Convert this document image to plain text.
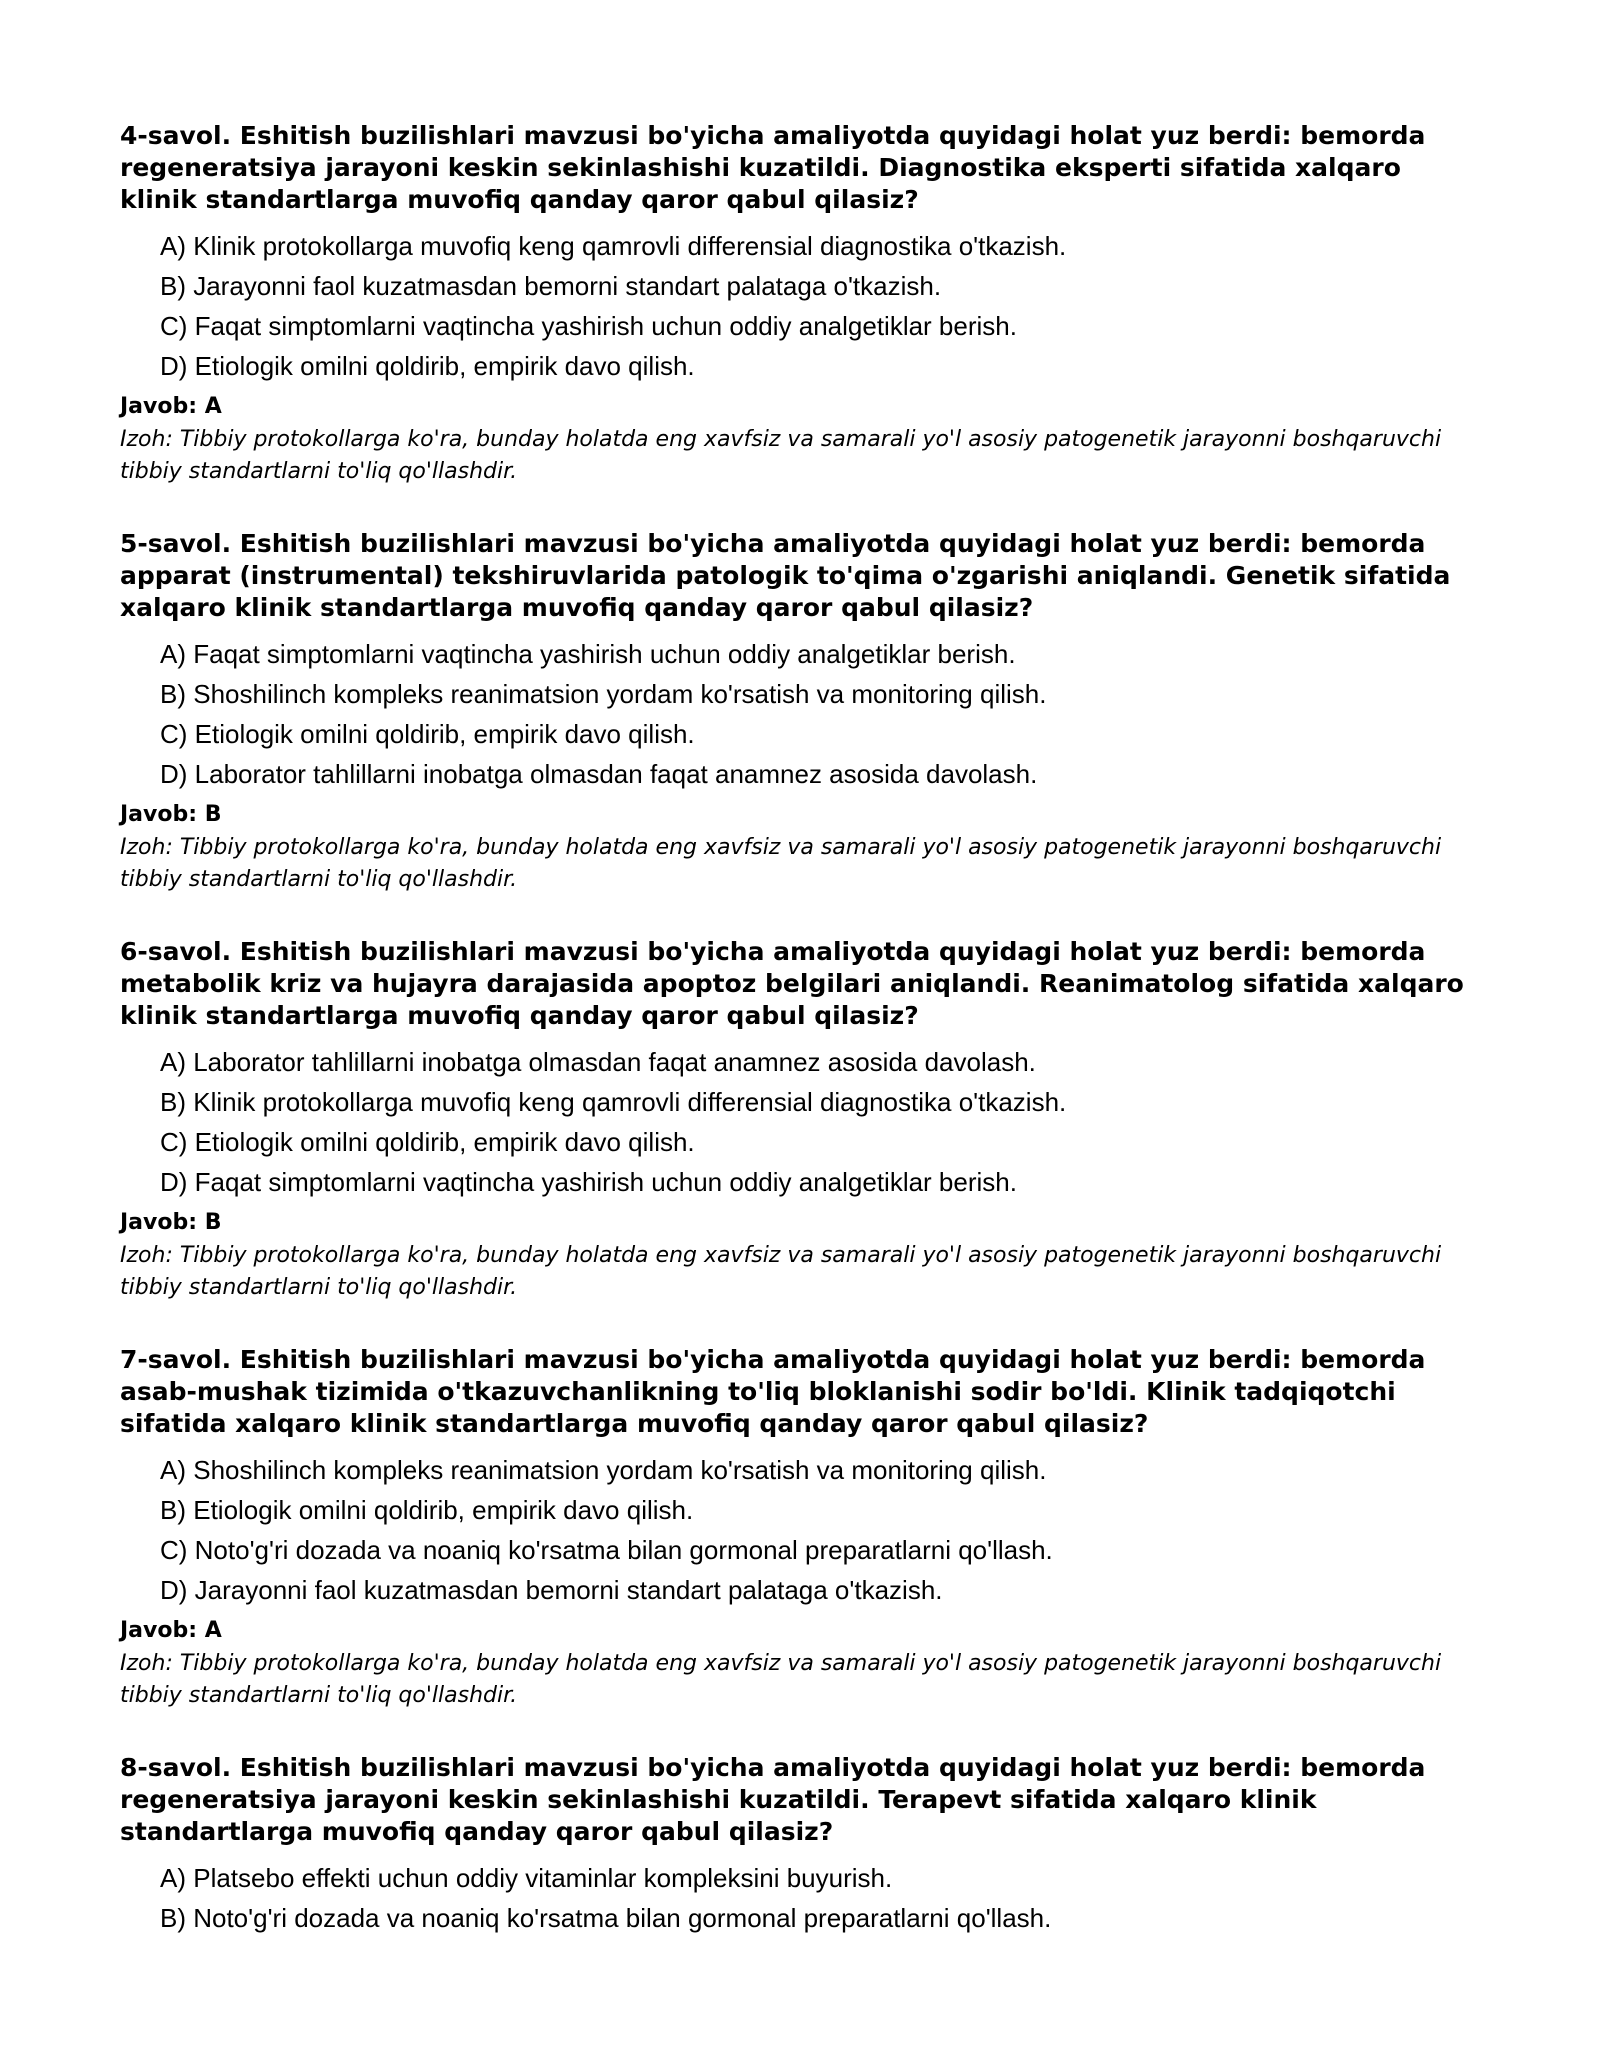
4-savol. Eshitish buzilishlari mavzusi bo'yicha amaliyotda quyidagi holat yuz berdi: bemorda regeneratsiya jarayoni keskin sekinlashishi kuzatildi. Diagnostika eksperti sifatida xalqaro klinik standartlarga muvofiq qanday qaror qabul qilasiz?

A) Klinik protokollarga muvofiq keng qamrovli differensial diagnostika o'tkazish.
B) Jarayonni faol kuzatmasdan bemorni standart palataga o'tkazish.
C) Faqat simptomlarni vaqtincha yashirish uchun oddiy analgetiklar berish.
D) Etiologik omilni qoldirib, empirik davo qilish.

Javob: A

Izoh: Tibbiy protokollarga ko'ra, bunday holatda eng xavfsiz va samarali yo'l asosiy patogenetik jarayonni boshqaruvchi tibbiy standartlarni to'liq qo'llashdir.

5-savol. Eshitish buzilishlari mavzusi bo'yicha amaliyotda quyidagi holat yuz berdi: bemorda apparat (instrumental) tekshiruvlarida patologik to'qima o'zgarishi aniqlandi. Genetik sifatida xalqaro klinik standartlarga muvofiq qanday qaror qabul qilasiz?

A) Faqat simptomlarni vaqtincha yashirish uchun oddiy analgetiklar berish.
B) Shoshilinch kompleks reanimatsion yordam ko'rsatish va monitoring qilish.
C) Etiologik omilni qoldirib, empirik davo qilish.
D) Laborator tahlillarni inobatga olmasdan faqat anamnez asosida davolash.

Javob: B

Izoh: Tibbiy protokollarga ko'ra, bunday holatda eng xavfsiz va samarali yo'l asosiy patogenetik jarayonni boshqaruvchi tibbiy standartlarni to'liq qo'llashdir.

6-savol. Eshitish buzilishlari mavzusi bo'yicha amaliyotda quyidagi holat yuz berdi: bemorda metabolik kriz va hujayra darajasida apoptoz belgilari aniqlandi. Reanimatolog sifatida xalqaro klinik standartlarga muvofiq qanday qaror qabul qilasiz?

A) Laborator tahlillarni inobatga olmasdan faqat anamnez asosida davolash.
B) Klinik protokollarga muvofiq keng qamrovli differensial diagnostika o'tkazish.
C) Etiologik omilni qoldirib, empirik davo qilish.
D) Faqat simptomlarni vaqtincha yashirish uchun oddiy analgetiklar berish.

Javob: B

Izoh: Tibbiy protokollarga ko'ra, bunday holatda eng xavfsiz va samarali yo'l asosiy patogenetik jarayonni boshqaruvchi tibbiy standartlarni to'liq qo'llashdir.

7-savol. Eshitish buzilishlari mavzusi bo'yicha amaliyotda quyidagi holat yuz berdi: bemorda asab-mushak tizimida o'tkazuvchanlikning to'liq bloklanishi sodir bo'ldi. Klinik tadqiqotchi sifatida xalqaro klinik standartlarga muvofiq qanday qaror qabul qilasiz?

A) Shoshilinch kompleks reanimatsion yordam ko'rsatish va monitoring qilish.
B) Etiologik omilni qoldirib, empirik davo qilish.
C) Noto'g'ri dozada va noaniq ko'rsatma bilan gormonal preparatlarni qo'llash.
D) Jarayonni faol kuzatmasdan bemorni standart palataga o'tkazish.

Javob: A

Izoh: Tibbiy protokollarga ko'ra, bunday holatda eng xavfsiz va samarali yo'l asosiy patogenetik jarayonni boshqaruvchi tibbiy standartlarni to'liq qo'llashdir.

8-savol. Eshitish buzilishlari mavzusi bo'yicha amaliyotda quyidagi holat yuz berdi: bemorda regeneratsiya jarayoni keskin sekinlashishi kuzatildi. Terapevt sifatida xalqaro klinik standartlarga muvofiq qanday qaror qabul qilasiz?

A) Platsebo effekti uchun oddiy vitaminlar kompleksini buyurish.
B) Noto'g'ri dozada va noaniq ko'rsatma bilan gormonal preparatlarni qo'llash.
